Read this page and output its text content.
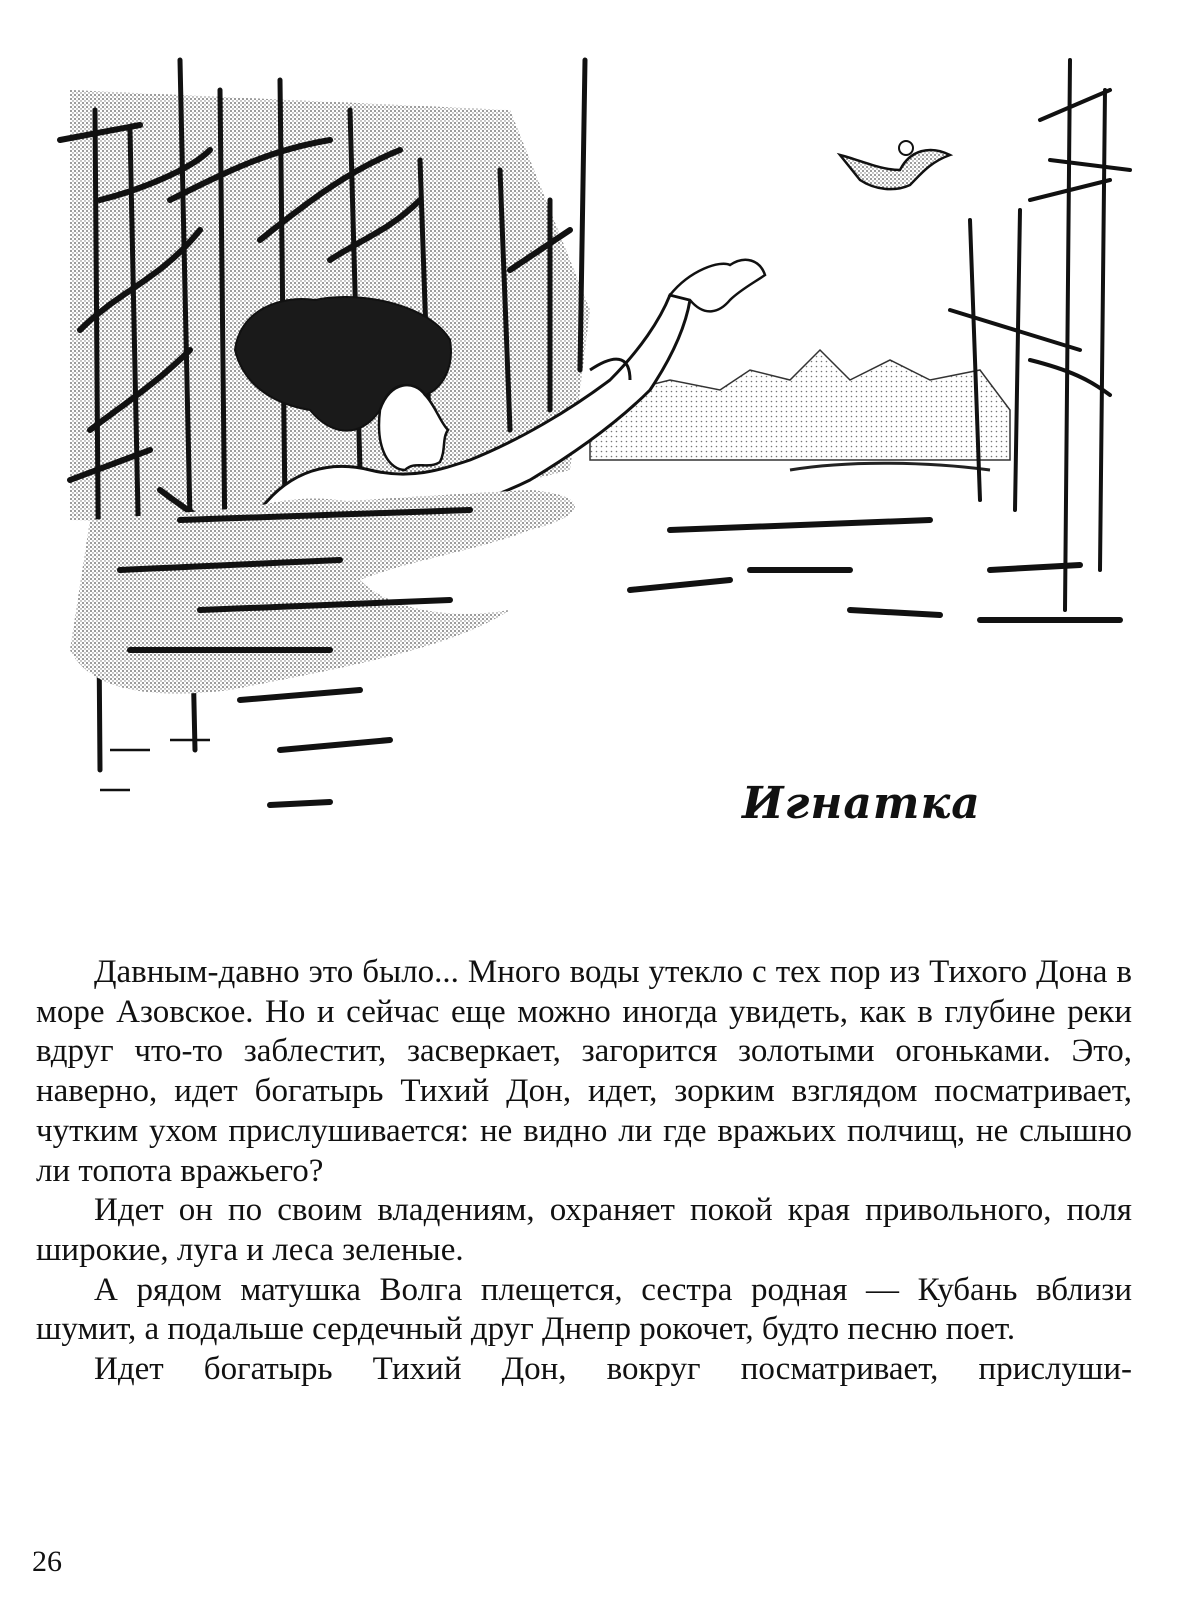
Игнатка

Давным-давно это было... Много воды утекло с тех пор из Тихого Дона в море Азовское. Но и сейчас еще можно иногда увидеть, как в глубине реки вдруг что-то заблестит, засверкает, загорится золотыми огоньками. Это, наверно, идет богатырь Тихий Дон, идет, зорким взглядом посматривает, чутким ухом прислушивается: не видно ли где вражьих полчищ, не слышно ли топота вражьего?

Идет он по своим владениям, охраняет покой края привольного, поля широкие, луга и леса зеленые.

А рядом матушка Волга плещется, сестра родная — Кубань вблизи шумит, а подальше сердечный друг Днепр рокочет, будто песню поет.

Идет богатырь Тихий Дон, вокруг посматривает, прислуши-

26
